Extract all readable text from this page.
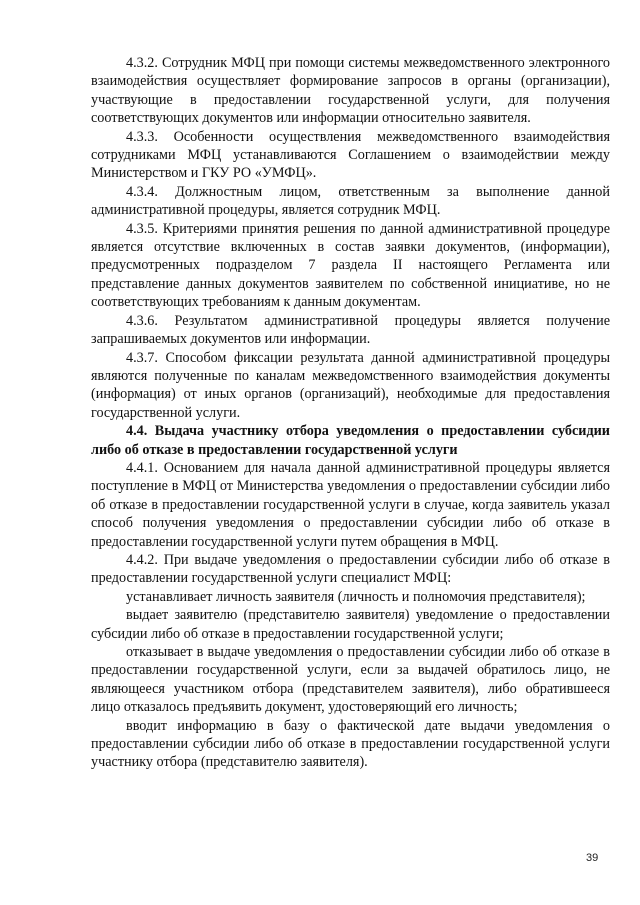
4.3.2. Сотрудник МФЦ при помощи системы межведомственного электронного взаимодействия осуществляет формирование запросов в органы (организации), участвующие в предоставлении государственной услуги, для получения соответствующих документов или информации относительно заявителя.

4.3.3. Особенности осуществления межведомственного взаимодействия сотрудниками МФЦ устанавливаются Соглашением о взаимодействии между Министерством и ГКУ РО «УМФЦ».

4.3.4. Должностным лицом, ответственным за выполнение данной административной процедуры, является сотрудник МФЦ.

4.3.5. Критериями принятия решения по данной административной процедуре является отсутствие включенных в состав заявки документов, (информации), предусмотренных подразделом 7 раздела II настоящего Регламента или представление данных документов заявителем по собственной инициативе, но не соответствующих требованиям к данным документам.

4.3.6. Результатом административной процедуры является получение запрашиваемых документов или информации.

4.3.7. Способом фиксации результата данной административной процедуры являются полученные по каналам межведомственного взаимодействия документы (информация) от иных органов (организаций), необходимые для предоставления государственной услуги.

4.4. Выдача участнику отбора уведомления о предоставлении субсидии либо об отказе в предоставлении государственной услуги

4.4.1. Основанием для начала данной административной процедуры является поступление в МФЦ от Министерства уведомления о предоставлении субсидии либо об отказе в предоставлении государственной услуги в случае, когда заявитель указал способ получения уведомления о предоставлении субсидии либо об отказе в предоставлении государственной услуги путем обращения в МФЦ.

4.4.2. При выдаче уведомления о предоставлении субсидии либо об отказе в предоставлении государственной услуги специалист МФЦ:

устанавливает личность заявителя (личность и полномочия представителя);

выдает заявителю (представителю заявителя) уведомление о предоставлении субсидии либо об отказе в предоставлении государственной услуги;

отказывает в выдаче уведомления о предоставлении субсидии либо об отказе в предоставлении государственной услуги, если за выдачей обратилось лицо, не являющееся участником отбора (представителем заявителя), либо обратившееся лицо отказалось предъявить документ, удостоверяющий его личность;

вводит информацию в базу о фактической дате выдачи уведомления о предоставлении субсидии либо об отказе в предоставлении государственной услуги участнику отбора (представителю заявителя).

39
